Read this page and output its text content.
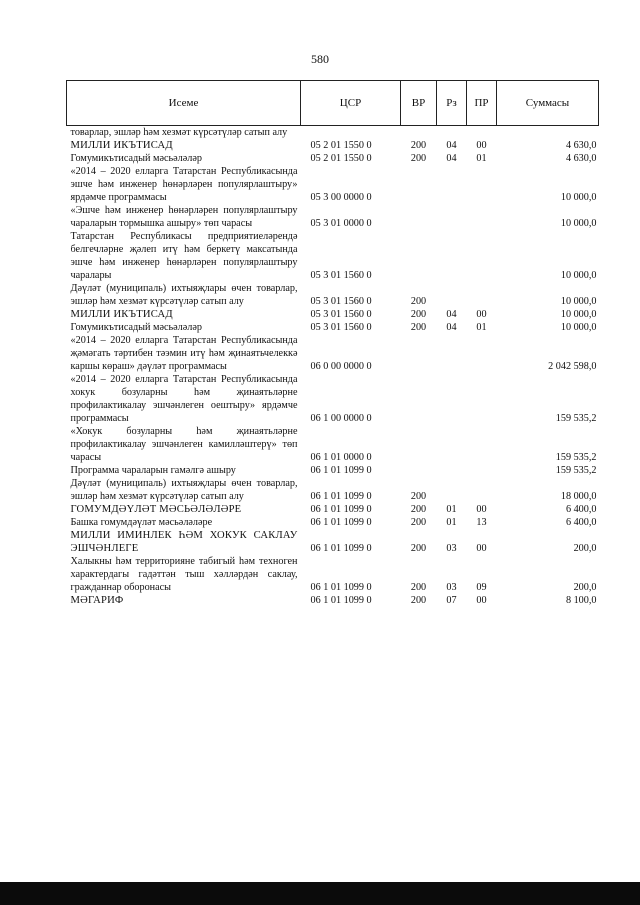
580
Исеме	ЦСР	ВР	Рз	ПР	Суммасы
товарлар, эшләр һәм хезмәт күрсәтүләр сатып алу					
МИЛЛИ ИКЪТИСАД	05 2 01 1550 0	200	04	00	4 630,0
Гомумикътисадый мәсьәләләр	05 2 01 1550 0	200	04	01	4 630,0
«2014 – 2020 елларга Татарстан Республикасында эшче һәм инженер һөнәрләрен популярлаштыру» ярдәмче программасы	05 3 00 0000 0				10 000,0
«Эшче һәм инженер һөнәрләрен популярлаштыру чараларын тормышка ашыру» төп чарасы	05 3 01 0000 0				10 000,0
Татарстан Республикасы предприятиеләрендә белгечләрне җәлеп итү һәм беркетү максатында эшче һәм инженер һөнәрләрен популярлаштыру чаралары	05 3 01 1560 0				10 000,0
Дәүләт (муниципаль) ихтыяҗлары өчен товарлар, эшләр һәм хезмәт күрсәтүләр сатып алу	05 3 01 1560 0	200			10 000,0
МИЛЛИ ИКЪТИСАД	05 3 01 1560 0	200	04	00	10 000,0
Гомумикътисадый мәсьәләләр	05 3 01 1560 0	200	04	01	10 000,0
«2014 – 2020 елларга Татарстан Республикасында җәмәгать тәртибен тәэмин итү һәм җинаятьчелеккә каршы көраш» дәүләт программасы	06 0 00 0000 0				2 042 598,0
«2014 – 2020 елларга Татарстан Республикасында хокук бозуларны һәм җинаятьләрне профилактикалау эшчәнлеген оештыру» ярдәмче программасы	06 1 00 0000 0				159 535,2
«Хокук бозуларны һәм җинаятьләрне профилактикалау эшчәнлеген камилләштерү» төп чарасы	06 1 01 0000 0				159 535,2
Программа чараларын гамәлгә ашыру	06 1 01 1099 0				159 535,2
Дәүләт (муниципаль) ихтыяҗлары өчен товарлар, эшләр һәм хезмәт күрсәтүләр сатып алу	06 1 01 1099 0	200			18 000,0
ГОМУМДӘҮЛӘТ МӘСЬӘЛӘЛӘРЕ	06 1 01 1099 0	200	01	00	6 400,0
Башка гомумдәүләт мәсьәләләре	06 1 01 1099 0	200	01	13	6 400,0
МИЛЛИ ИМИНЛЕК ҺӘМ ХОКУК САКЛАУ ЭШЧӘНЛЕГЕ	06 1 01 1099 0	200	03	00	200,0
Халыкны һәм территорияне табигый һәм техноген характердагы гадәттән тыш хәлләрдән саклау, гражданнар оборонасы	06 1 01 1099 0	200	03	09	200,0
МӘГАРИФ	06 1 01 1099 0	200	07	00	8 100,0
